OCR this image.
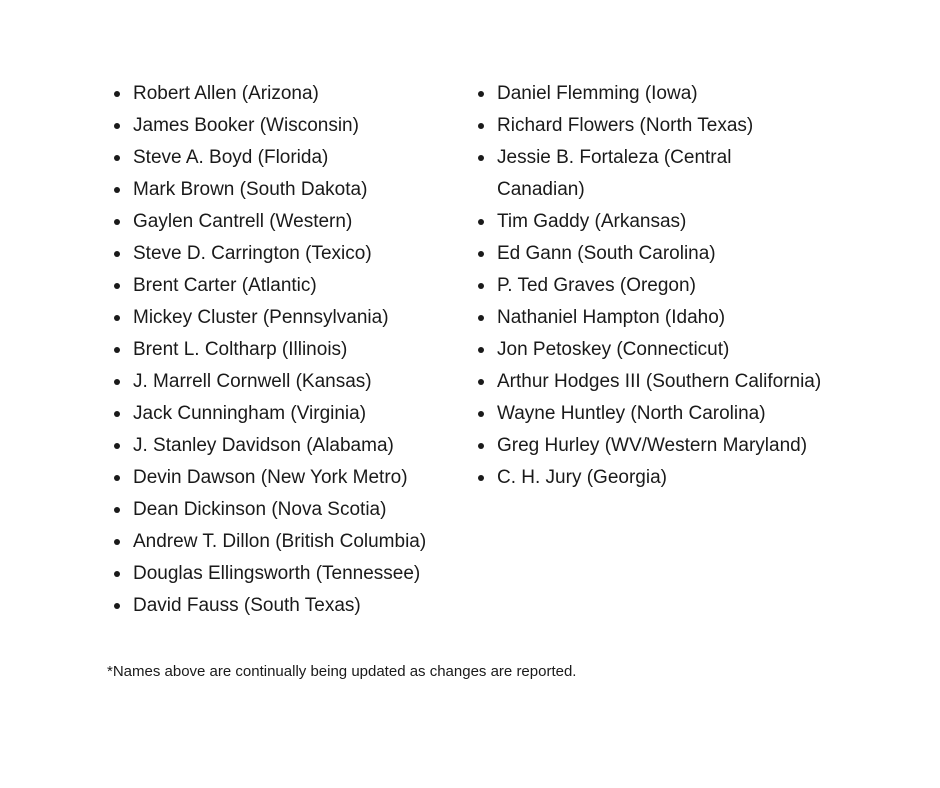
Robert Allen (Arizona)
James Booker (Wisconsin)
Steve A. Boyd (Florida)
Mark Brown (South Dakota)
Gaylen Cantrell (Western)
Steve D. Carrington (Texico)
Brent Carter (Atlantic)
Mickey Cluster (Pennsylvania)
Brent L. Coltharp (Illinois)
J. Marrell Cornwell (Kansas)
Jack Cunningham (Virginia)
J. Stanley Davidson (Alabama)
Devin Dawson (New York Metro)
Dean Dickinson (Nova Scotia)
Andrew T. Dillon (British Columbia)
Douglas Ellingsworth (Tennessee)
David Fauss (South Texas)
Daniel Flemming (Iowa)
Richard Flowers (North Texas)
Jessie B. Fortaleza (Central Canadian)
Tim Gaddy (Arkansas)
Ed Gann (South Carolina)
P. Ted Graves (Oregon)
Nathaniel Hampton (Idaho)
Jon Petoskey (Connecticut)
Arthur Hodges III (Southern California)
Wayne Huntley (North Carolina)
Greg Hurley (WV/Western Maryland)
C. H. Jury (Georgia)
*Names above are continually being updated as changes are reported.
